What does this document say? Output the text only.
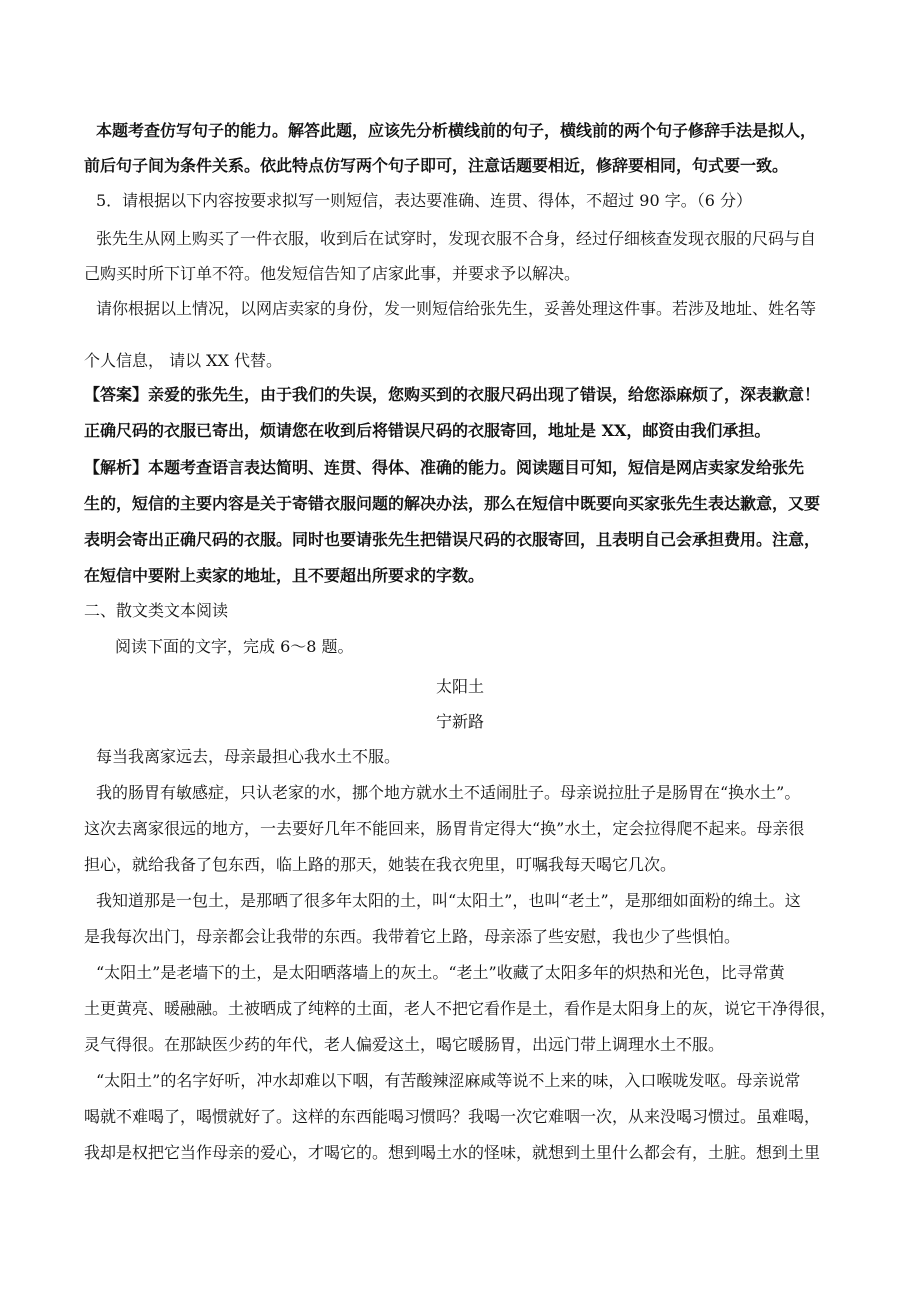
本题考查仿写句子的能力。解答此题，应该先分析横线前的句子，横线前的两个句子修辞手法是拟人，
前后句子间为条件关系。依此特点仿写两个句子即可，注意话题要相近，修辞要相同，句式要一致。
5．请根据以下内容按要求拟写一则短信，表达要准确、连贯、得体，不超过 90 字。（6 分）
张先生从网上购买了一件衣服，收到后在试穿时，发现衣服不合身，经过仔细核查发现衣服的尺码与自
己购买时所下订单不符。他发短信告知了店家此事，并要求予以解决。
请你根据以上情况，以网店卖家的身份，发一则短信给张先生，妥善处理这件事。若涉及地址、姓名等
个人信息， 请以 XX 代替。
【答案】亲爱的张先生，由于我们的失误，您购买到的衣服尺码出现了错误，给您添麻烦了，深表歉意！
正确尺码的衣服已寄出，烦请您在收到后将错误尺码的衣服寄回，地址是 XX，邮资由我们承担。
【解析】本题考查语言表达简明、连贯、得体、准确的能力。阅读题目可知，短信是网店卖家发给张先
生的，短信的主要内容是关于寄错衣服问题的解决办法，那么在短信中既要向买家张先生表达歉意，又要
表明会寄出正确尺码的衣服。同时也要请张先生把错误尺码的衣服寄回，且表明自己会承担费用。注意，
在短信中要附上卖家的地址，且不要超出所要求的字数。
二、散文类文本阅读
阅读下面的文字，完成 6～8 题。
太阳土
宁新路
每当我离家远去，母亲最担心我水土不服。
我的肠胃有敏感症，只认老家的水，挪个地方就水土不适闹肚子。母亲说拉肚子是肠胃在“换水土”。
这次去离家很远的地方，一去要好几年不能回来，肠胃肯定得大“换”水土，定会拉得爬不起来。母亲很
担心，就给我备了包东西，临上路的那天，她装在我衣兜里，叮嘱我每天喝它几次。
我知道那是一包土，是那晒了很多年太阳的土，叫“太阳土”，也叫“老土”，是那细如面粉的绵土。这
是我每次出门，母亲都会让我带的东西。我带着它上路，母亲添了些安慰，我也少了些惧怕。
“太阳土”是老墙下的土，是太阳晒落墙上的灰土。“老土”收藏了太阳多年的炽热和光色，比寻常黄
土更黄亮、暖融融。土被晒成了纯粹的土面，老人不把它看作是土，看作是太阳身上的灰，说它干净得很，
灵气得很。在那缺医少药的年代，老人偏爱这土，喝它暖肠胃，出远门带上调理水土不服。
“太阳土”的名字好听，冲水却难以下咽，有苦酸辣涩麻咸等说不上来的味，入口喉咙发呕。母亲说常
喝就不难喝了，喝惯就好了。这样的东西能喝习惯吗？我喝一次它难咽一次，从来没喝习惯过。虽难喝，
我却是权把它当作母亲的爱心，才喝它的。想到喝土水的怪味，就想到土里什么都会有，土脏。想到土里
